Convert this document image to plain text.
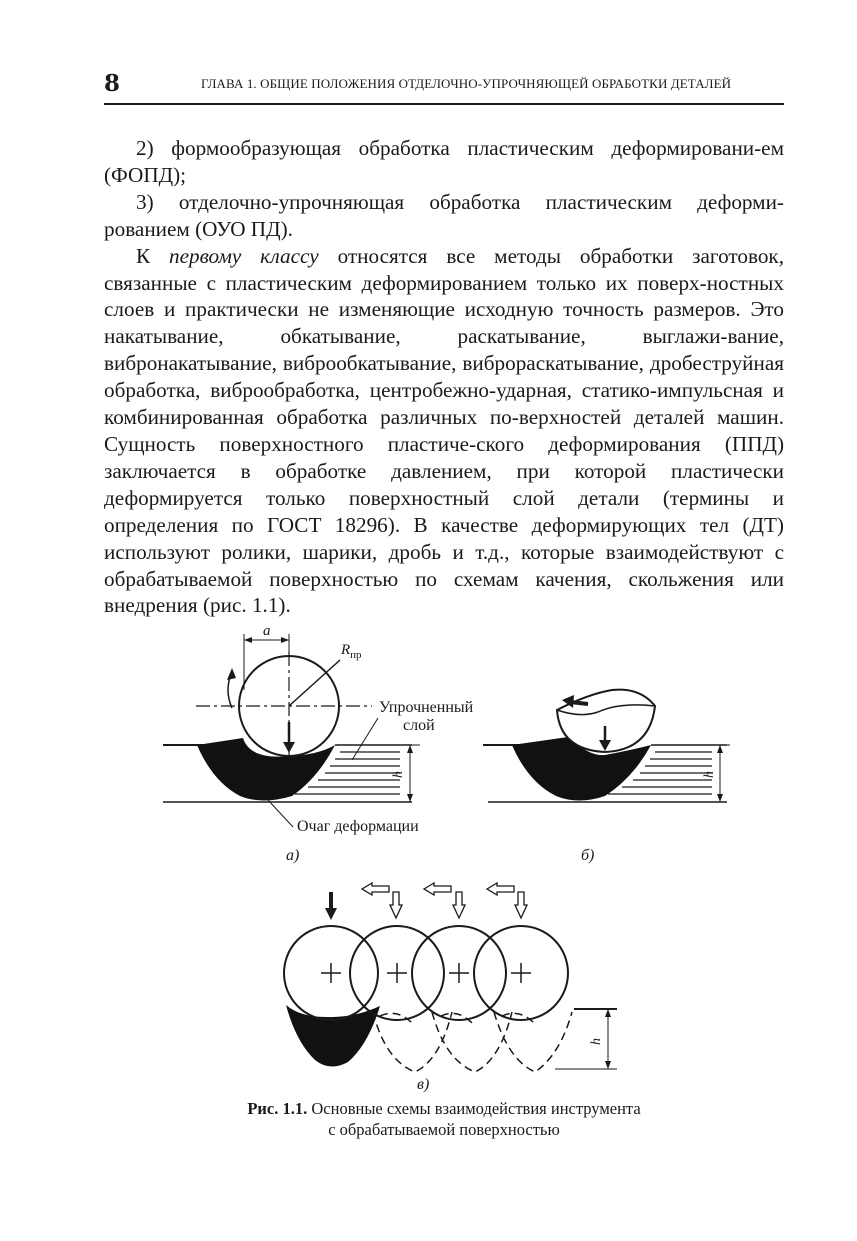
8	ГЛАВА 1. ОБЩИЕ ПОЛОЖЕНИЯ ОТДЕЛОЧНО-УПРОЧНЯЮЩЕЙ ОБРАБОТКИ ДЕТАЛЕЙ

2) формообразующая обработка пластическим деформировани-ем (ФОПД);

3) отделочно-упрочняющая обработка пластическим деформи-рованием (ОУО ПД).

К первому классу относятся все методы обработки заготовок, связанные с пластическим деформированием только их поверх-ностных слоев и практически не изменяющие исходную точность размеров. Это накатывание, обкатывание, раскатывание, выглажи-вание, вибронакатывание, виброобкатывание, виброраскатывание, дробеструйная обработка, виброобработка, центробежно-ударная, статико-импульсная и комбинированная обработка различных по-верхностей деталей машин. Сущность поверхностного пластиче-ского деформирования (ППД) заключается в обработке давлением, при которой пластически деформируется только поверхностный слой детали (термины и определения по ГОСТ 18296). В качестве деформирующих тел (ДТ) используют ролики, шарики, дробь и т.д., которые взаимодействуют с обрабатываемой поверхностью по схемам качения, скольжения или внедрения (рис. 1.1).

a
$R_{пр}$
Упрочненный
слой
h
Очаг деформации
а)
h
б)
h
в)
Рис. 1.1. Основные схемы взаимодействия инструмента
с обрабатываемой поверхностью
